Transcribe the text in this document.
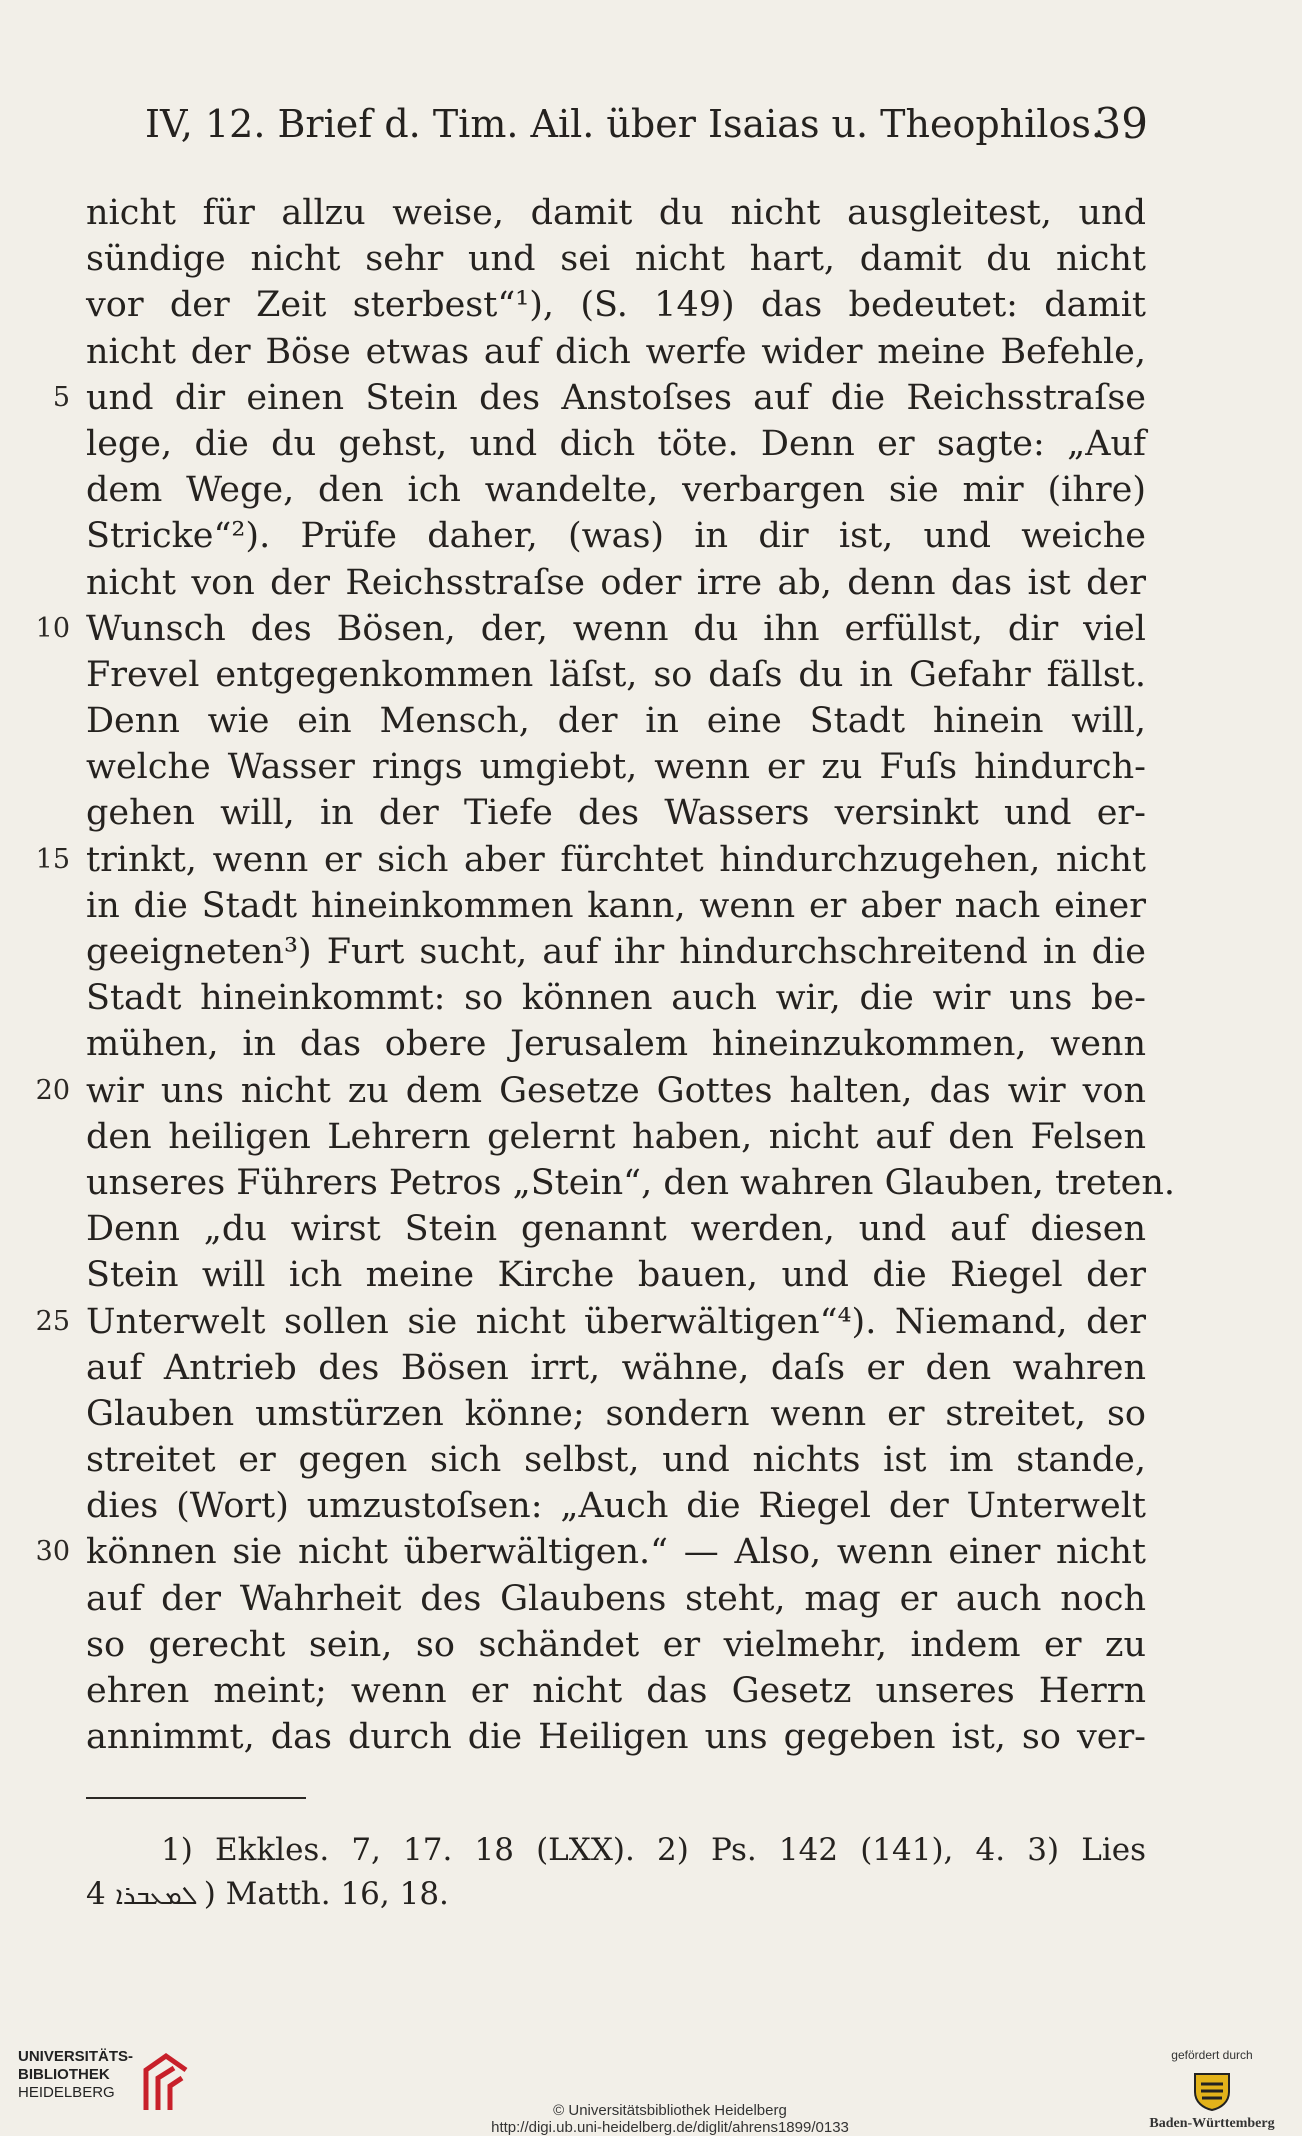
IV, 12. Brief d. Tim. Ail. über Isaias u. Theophilos.
39
nicht für allzu weise, damit du nicht ausgleitest, und
sündige nicht sehr und sei nicht hart, damit du nicht
vor der Zeit sterbest“¹), (S. 149) das bedeutet: damit
nicht der Böse etwas auf dich werfe wider meine Befehle,
5 und dir einen Stein des Anstoſses auf die Reichsstraſse
lege, die du gehst, und dich töte. Denn er sagte: „Auf
dem Wege, den ich wandelte, verbargen sie mir (ihre)
Stricke“²). Prüfe daher, (was) in dir ist, und weiche
nicht von der Reichsstraſse oder irre ab, denn das ist der
10 Wunsch des Bösen, der, wenn du ihn erfüllst, dir viel
Frevel entgegenkommen läſst, so daſs du in Gefahr fällst.
Denn wie ein Mensch, der in eine Stadt hinein will,
welche Wasser rings umgiebt, wenn er zu Fuſs hindurch-
gehen will, in der Tiefe des Wassers versinkt und er-
15 trinkt, wenn er sich aber fürchtet hindurchzugehen, nicht
in die Stadt hineinkommen kann, wenn er aber nach einer
geeigneten³) Furt sucht, auf ihr hindurchschreitend in die
Stadt hineinkommt: so können auch wir, die wir uns be-
mühen, in das obere Jerusalem hineinzukommen, wenn
20 wir uns nicht zu dem Gesetze Gottes halten, das wir von
den heiligen Lehrern gelernt haben, nicht auf den Felsen
unseres Führers Petros „Stein“, den wahren Glauben, treten.
Denn „du wirst Stein genannt werden, und auf diesen
Stein will ich meine Kirche bauen, und die Riegel der
25 Unterwelt sollen sie nicht überwältigen“⁴). Niemand, der
auf Antrieb des Bösen irrt, wähne, daſs er den wahren
Glauben umstürzen könne; sondern wenn er streitet, so
streitet er gegen sich selbst, und nichts ist im stande,
dies (Wort) umzustoſsen: „Auch die Riegel der Unterwelt
30 können sie nicht überwältigen.“ — Also, wenn einer nicht
auf der Wahrheit des Glaubens steht, mag er auch noch
so gerecht sein, so schändet er vielmehr, indem er zu
ehren meint; wenn er nicht das Gesetz unseres Herrn
annimmt, das durch die Heiligen uns gegeben ist, so ver-
1) Ekkles. 7, 17. 18 (LXX). 2) Ps. 142 (141), 4. 3) Lies
ܠܡܥܒܪܐ 4) Matth. 16, 18.
UNIVERSITÄTS-
BIBLIOTHEK
HEIDELBERG
© Universitätsbibliothek Heidelberg
http://digi.ub.uni-heidelberg.de/diglit/ahrens1899/0133
gefördert durch
Baden-Württemberg
